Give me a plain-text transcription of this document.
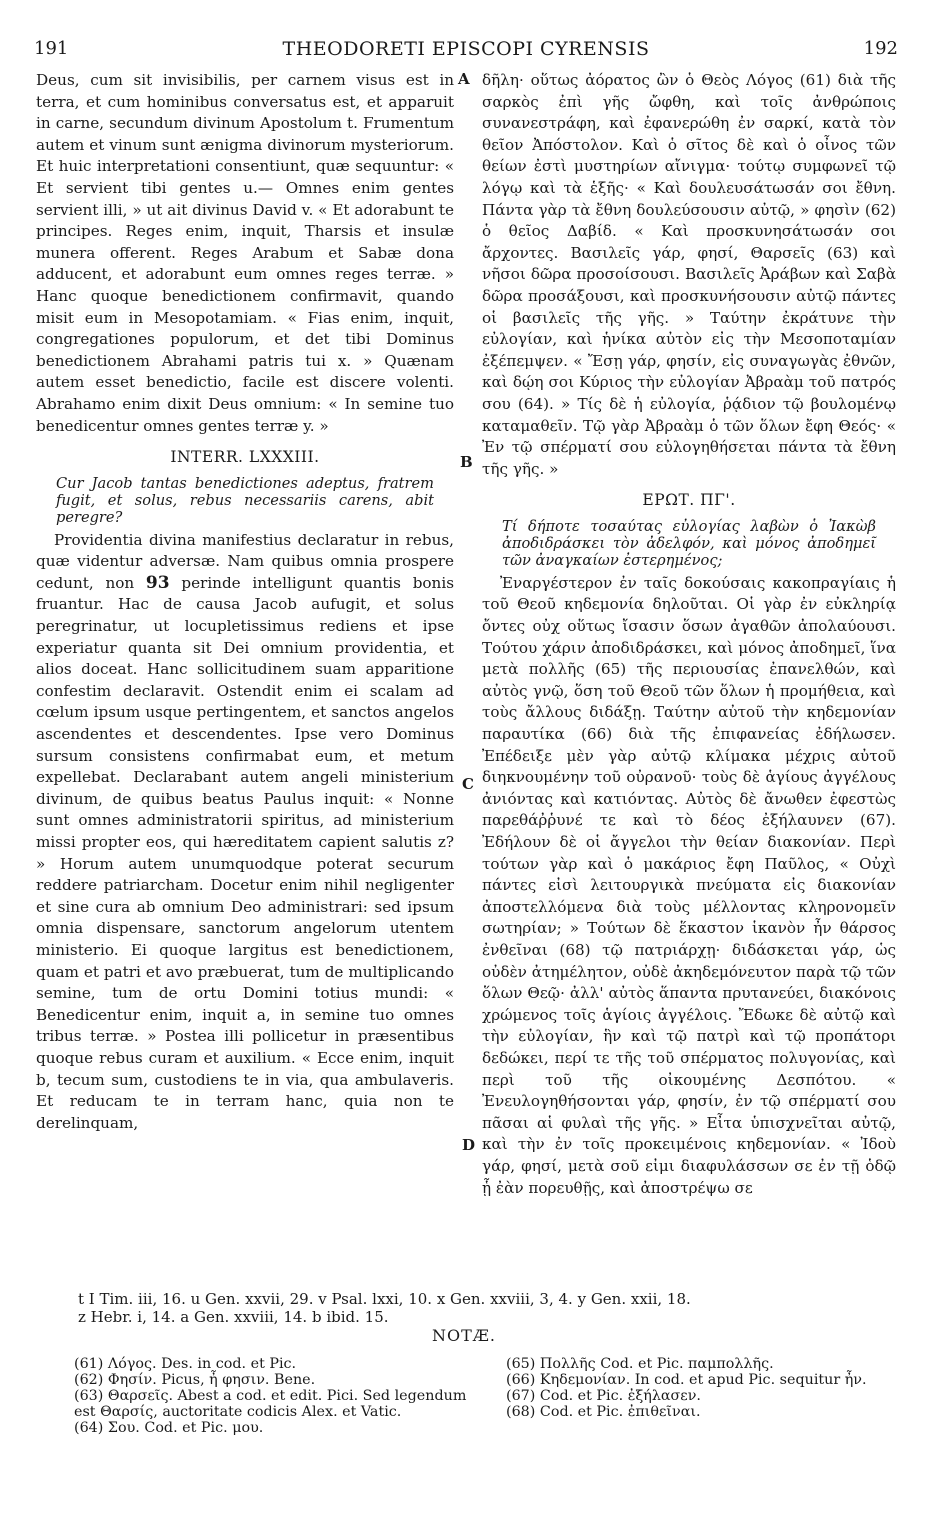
191	THEODORETI EPISCOPI CYRENSIS	192
Deus, cum sit invisibilis, per carnem visus est in terra, et cum hominibus conversatus est, et apparuit in carne, secundum divinum Apostolum t. Frumentum autem et vinum sunt ænigma divinorum mysteriorum. Et huic interpretationi consentiunt, quæ sequuntur: « Et servient tibi gentes u.— Omnes enim gentes servient illi, » ut ait divinus David v. « Et adorabunt te principes. Reges enim, inquit, Tharsis et insulæ munera offerent. Reges Arabum et Sabæ dona adducent, et adorabunt eum omnes reges terræ. » Hanc quoque benedictionem confirmavit, quando misit eum in Mesopotamiam. « Fias enim, inquit, congregationes populorum, et det tibi Dominus benedictionem Abrahami patris tui x. » Quænam autem esset benedictio, facile est discere volenti. Abrahamo enim dixit Deus omnium: « In semine tuo benedicentur omnes gentes terræ y. »
INTERR. LXXXIII.
Cur Jacob tantas benedictiones adeptus, fratrem fugit, et solus, rebus necessariis carens, abit peregre?
Providentia divina manifestius declaratur in rebus, quæ videntur adversæ. Nam quibus omnia prospere cedunt, non 93 perinde intelligunt quantis bonis fruantur. Hac de causa Jacob aufugit, et solus peregrinatur, ut locupletissimus rediens et ipse experiatur quanta sit Dei omnium providentia, et alios doceat. Hanc sollicitudinem suam apparitione confestim declaravit. Ostendit enim ei scalam ad cœlum ipsum usque pertingentem, et sanctos angelos ascendentes et descendentes. Ipse vero Dominus sursum consistens confirmabat eum, et metum expellebat. Declarabant autem angeli ministerium divinum, de quibus beatus Paulus inquit: « Nonne sunt omnes administratorii spiritus, ad ministerium missi propter eos, qui hæreditatem capient salutis z? » Horum autem unumquodque poterat securum reddere patriarcham. Docetur enim nihil negligenter et sine cura ab omnium Deo administrari: sed ipsum omnia dispensare, sanctorum angelorum utentem ministerio. Ei quoque largitus est benedictionem, quam et patri et avo præbuerat, tum de multiplicando semine, tum de ortu Domini totius mundi: « Benedicentur enim, inquit a, in semine tuo omnes tribus terræ. » Postea illi pollicetur in præsentibus quoque rebus curam et auxilium. « Ecce enim, inquit b, tecum sum, custodiens te in via, qua ambulaveris. Et reducam te in terram hanc, quia non te derelinquam,
A
B
C
D
δῆλη· οὕτως ἀόρατος ὢν ὁ Θεὸς Λόγος (61) διὰ τῆς σαρκὸς ἐπὶ γῆς ὤφθη, καὶ τοῖς ἀνθρώποις συνανεστράφη, καὶ ἐφανερώθη ἐν σαρκί, κατὰ τὸν θεῖον Ἀπόστολον. Καὶ ὁ σῖτος δὲ καὶ ὁ οἶνος τῶν θείων ἐστὶ μυστηρίων αἴνιγμα· τούτῳ συμφωνεῖ τῷ λόγῳ καὶ τὰ ἑξῆς· « Καὶ δουλευσάτωσάν σοι ἔθνη. Πάντα γὰρ τὰ ἔθνη δουλεύσουσιν αὐτῷ, » φησὶν (62) ὁ θεῖος Δαβίδ. « Καὶ προσκυνησάτωσάν σοι ἄρχοντες. Βασιλεῖς γάρ, φησί, Θαρσεῖς (63) καὶ νῆσοι δῶρα προσοίσουσι. Βασιλεῖς Ἀράβων καὶ Σαβὰ δῶρα προσάξουσι, καὶ προσκυνήσουσιν αὐτῷ πάντες οἱ βασιλεῖς τῆς γῆς. » Ταύτην ἐκράτυνε τὴν εὐλογίαν, καὶ ἡνίκα αὐτὸν εἰς τὴν Μεσοποταμίαν ἐξέπεμψεν. « Ἔσῃ γάρ, φησίν, εἰς συναγωγὰς ἐθνῶν, καὶ δῴη σοι Κύριος τὴν εὐλογίαν Ἀβραὰμ τοῦ πατρός σου (64). » Τίς δὲ ἡ εὐλογία, ῥᾴδιον τῷ βουλομένῳ καταμαθεῖν. Τῷ γὰρ Ἀβραὰμ ὁ τῶν ὅλων ἔφη Θεός· « Ἐν τῷ σπέρματί σου εὐλογηθήσεται πάντα τὰ ἔθνη τῆς γῆς. »
ΕΡΩΤ. ΠΓ'.
Τί δήποτε τοσαύτας εὐλογίας λαβὼν ὁ Ἰακὼβ ἀποδιδράσκει τὸν ἀδελφόν, καὶ μόνος ἀποδημεῖ τῶν ἀναγκαίων ἐστερημένος;
Ἐναργέστερον ἐν ταῖς δοκούσαις κακοπραγίαις ἡ τοῦ Θεοῦ κηδεμονία δηλοῦται. Οἱ γὰρ ἐν εὐκληρίᾳ ὄντες οὐχ οὕτως ἴσασιν ὅσων ἀγαθῶν ἀπολαύουσι. Τούτου χάριν ἀποδιδράσκει, καὶ μόνος ἀποδημεῖ, ἵνα μετὰ πολλῆς (65) τῆς περιουσίας ἐπανελθών, καὶ αὐτὸς γνῷ, ὅση τοῦ Θεοῦ τῶν ὅλων ἡ προμήθεια, καὶ τοὺς ἄλλους διδάξῃ. Ταύτην αὐτοῦ τὴν κηδεμονίαν παραυτίκα (66) διὰ τῆς ἐπιφανείας ἐδήλωσεν. Ἐπέδειξε μὲν γὰρ αὐτῷ κλίμακα μέχρις αὐτοῦ διηκνουμένην τοῦ οὐρανοῦ· τοὺς δὲ ἁγίους ἀγγέλους ἀνιόντας καὶ κατιόντας. Αὐτὸς δὲ ἄνωθεν ἐφεστὼς παρεθάῤῥυνέ τε καὶ τὸ δέος ἐξήλαυνεν (67). Ἐδήλουν δὲ οἱ ἄγγελοι τὴν θείαν διακονίαν. Περὶ τούτων γὰρ καὶ ὁ μακάριος ἔφη Παῦλος, « Οὐχὶ πάντες εἰσὶ λειτουργικὰ πνεύματα εἰς διακονίαν ἀποστελλόμενα διὰ τοὺς μέλλοντας κληρονομεῖν σωτηρίαν; » Τούτων δὲ ἕκαστον ἱκανὸν ἦν θάρσος ἐνθεῖναι (68) τῷ πατριάρχῃ· διδάσκεται γάρ, ὡς οὐδὲν ἀτημέλητον, οὐδὲ ἀκηδεμόνευτον παρὰ τῷ τῶν ὅλων Θεῷ· ἀλλ' αὐτὸς ἅπαντα πρυτανεύει, διακόνοις χρώμενος τοῖς ἁγίοις ἀγγέλοις. Ἔδωκε δὲ αὐτῷ καὶ τὴν εὐλογίαν, ἣν καὶ τῷ πατρὶ καὶ τῷ προπάτορι δεδώκει, περί τε τῆς τοῦ σπέρματος πολυγονίας, καὶ περὶ τοῦ τῆς οἰκουμένης Δεσπότου. « Ἐνευλογηθήσονται γάρ, φησίν, ἐν τῷ σπέρματί σου πᾶσαι αἱ φυλαὶ τῆς γῆς. » Εἶτα ὑπισχνεῖται αὐτῷ, καὶ τὴν ἐν τοῖς προκειμένοις κηδεμονίαν. « Ἰδοὺ γάρ, φησί, μετὰ σοῦ εἰμι διαφυλάσσων σε ἐν τῇ ὁδῷ ᾗ ἐὰν πορευθῇς, καὶ ἀποστρέψω σε
t I Tim. iii, 16. u Gen. xxvii, 29. v Psal. lxxi, 10. x Gen. xxviii, 3, 4. y Gen. xxii, 18.
z Hebr. i, 14. a Gen. xxviii, 14. b ibid. 15.
NOTÆ.

(61) Λόγος. Des. in cod. et Pic.

(62) Φησίν. Picus, ἦ φησιν. Bene.

(63) Θαρσεῖς. Abest a cod. et edit. Pici. Sed legendum est Θαρσίς, auctoritate codicis Alex. et Vatic.

(64) Σου. Cod. et Pic. μου.

(65) Πολλῆς Cod. et Pic. παμπολλῆς.

(66) Κηδεμονίαν. In cod. et apud Pic. sequitur ἦν.

(67) Cod. et Pic. ἐξήλασεν.

(68) Cod. et Pic. ἐπιθεῖναι.
